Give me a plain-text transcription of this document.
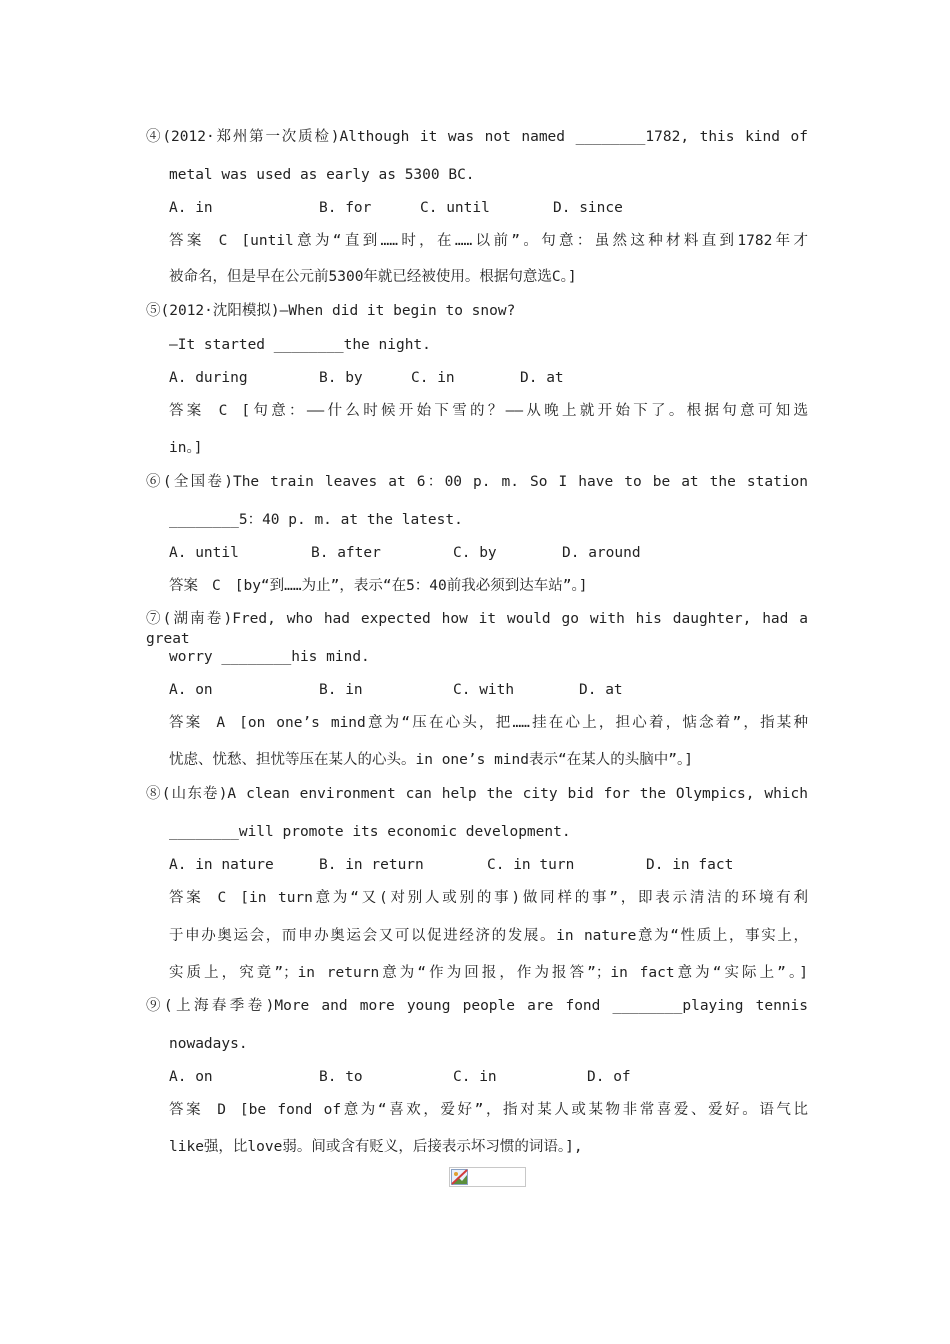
④(2012·郑州第一次质检)Although it was not named ________1782, this kind of
metal was used as early as 5300 BC.
A. in	B. for	C. until	D. since
答案 C [until意为“直到……时，在……以前”。句意：虽然这种材料直到1782年才
被命名，但是早在公元前5300年就已经被使用。根据句意选C。]
⑤(2012·沈阳模拟)—When did it begin to snow?
—It started ________the night.
A. during	B. by	C. in	D. at
答案 C [句意：——什么时候开始下雪的？——从晚上就开始下了。根据句意可知选
in。]
⑥(全国卷)The train leaves at 6：00 p. m. So I have to be at the station
________5：40 p. m. at the latest.
A. until	B. after	C. by	D. around
答案 C [by“到……为止”，表示“在5：40前我必须到达车站”。]
⑦(湖南卷)Fred, who had expected how it would go with his daughter, had a great
worry ________his mind.
A. on	B. in	C. with	D. at
答案 A [on one’s mind意为“压在心头，把……挂在心上，担心着，惦念着”，指某种
忧虑、忧愁、担忧等压在某人的心头。in one’s mind表示“在某人的头脑中”。]
⑧(山东卷)A clean environment can help the city bid for the Olympics, which
________will promote its economic development.
A. in nature	B. in return	C. in turn	D. in fact
答案 C [in turn意为“又(对别人或别的事)做同样的事”，即表示清洁的环境有利
于申办奥运会，而申办奥运会又可以促进经济的发展。in nature意为“性质上，事实上，
实质上，究竟”；in return意为“作为回报，作为报答”；in fact意为“实际上”。]
⑨(上海春季卷)More and more young people are fond ________playing tennis
nowadays.
A. on	B. to	C. in	D. of
答案 D [be fond of意为“喜欢，爱好”，指对某人或某物非常喜爱、爱好。语气比
like强，比love弱。间或含有贬义，后接表示坏习惯的词语。],
